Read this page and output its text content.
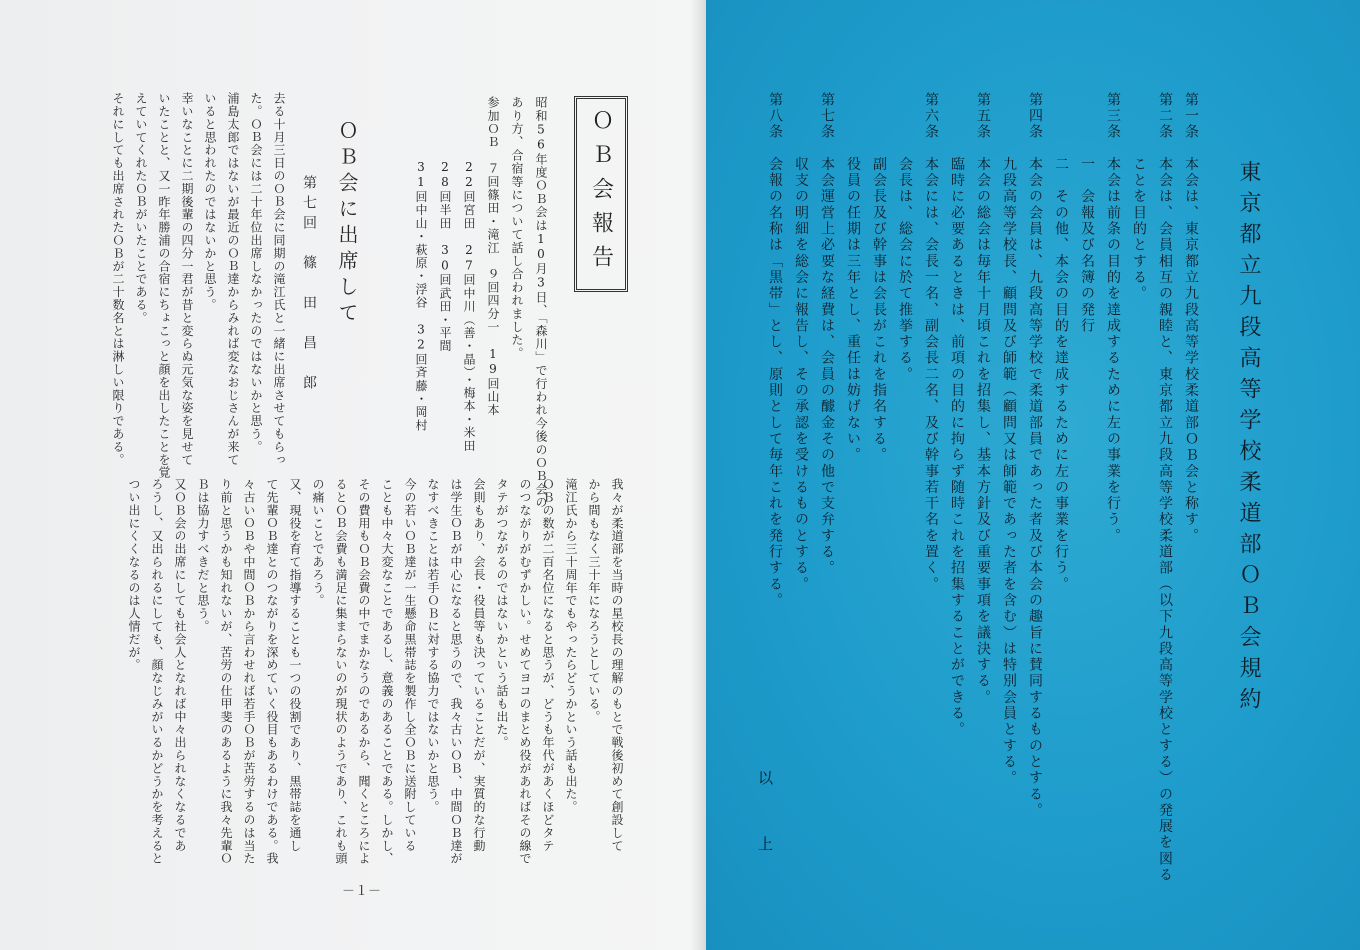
ＯＢ会報告
ＯＢ会に出席して
第七回　篠　田　昌　郎	昭和56年度ＯＢ会は10月3日、「森川」で行われ今後のＯＢ会の
あり方、合宿等について話し合われました。
参加ＯＢ　７回篠田・滝江　９回四分一　19回山本
22回宮田　27回中川（善・晶）・梅本・米田
28回半田　30回武田・平間
31回中山・萩原・浮谷　32回斉藤・岡村
我々が柔道部を当時の星校長の理解のもとで戦後初めて創設して
から間もなく三十年になろうとしている。
滝江氏から三十周年でもやったらどうかという話も出た。
ＯＢの数が二百名位になると思うが、どうも年代があくほどタテ
のつながりがむずかしい。せめてヨコのまとめ役があればその線で
タテがつながるのではないかという話も出た。
会則もあり、会長・役員等も決っていることだが、実質的な行動
は学生ＯＢが中心になると思うので、我々古いＯＢ、中間ＯＢ達が
なすべきことは若手ＯＢに対する協力ではないかと思う。
今の若いＯＢ達が一生懸命黒帯誌を製作し全ＯＢに送附している
ことも中々大変なことであるし、意義のあることである。しかし、
その費用もＯＢ会費の中でまかなうのであるから、聞くところによ
るとＯＢ会費も満足に集まらないのが現状のようであり、これも頭
の痛いことであろう。
又、現役を育て指導することも一つの役割であり、黒帯誌を通し
て先輩ＯＢ達とのつながりを深めていく役目もあるわけである。我
々古いＯＢや中間ＯＢから言わせれば若手ＯＢが苦労するのは当た
り前と思うかも知れないが、苦労の仕甲斐のあるように我々先輩Ｏ
Ｂは協力すべきだと思う。
又ＯＢ会の出席にしても社会人となれば中々出られなくなるであ
ろうし、又出られるにしても、顔なじみがいるかどうかを考えると
つい出にくくなるのは人情だが。
去る十月三日のＯＢ会に同期の滝江氏と一緒に出席させてもらっ
た。ＯＢ会には二十年位出席しなかったのではないかと思う。
浦島太郎ではないが最近のＯＢ達からみれば変なおじさんが来て
いると思われたのではないかと思う。
幸いなことに二期後輩の四分一君が昔と変らぬ元気な姿を見せて
いたことと、又一昨年勝浦の合宿にちょこっと顔を出したことを覚
えていてくれたＯＢがいたことである。
それにしても出席されたＯＢが二十数名とは淋しい限りである。
－１－
東京都立九段高等学校柔道部ＯＢ会規約
第一条　本会は、東京都立九段高等学校柔道部ＯＢ会と称す。
第二条　本会は、会員相互の親睦と、東京都立九段高等学校柔道部（以下九段高等学校とする）の発展を図る
　　　　ことを目的とする。
第三条　本会は前条の目的を達成するために左の事業を行う。
　　　　一　会報及び名簿の発行
　　　　二　その他、本会の目的を達成するために左の事業を行う。
第四条　本会の会員は、九段高等学校で柔道部員であった者及び本会の趣旨に賛同するものとする。
　　　　九段高等学校長、顧問及び師範（顧問又は師範であった者を含む）は特別会員とする。
第五条　本会の総会は毎年十月頃これを招集し、基本方針及び重要事項を議決する。
　　　　臨時に必要あるときは、前項の目的に拘らず随時これを招集することができる。
第六条　本会には、会長一名、副会長二名、及び幹事若干名を置く。
　　　　会長は、総会に於て推挙する。
　　　　副会長及び幹事は会長がこれを指名する。
　　　　役員の任期は三年とし、重任は妨げない。
第七条　本会運営上必要な経費は、会員の醵金その他で支弁する。
　　　　収支の明細を総会に報告し、その承認を受けるものとする。
第八条　会報の名称は「黒帯」とし、原則として毎年これを発行する。
以　上
